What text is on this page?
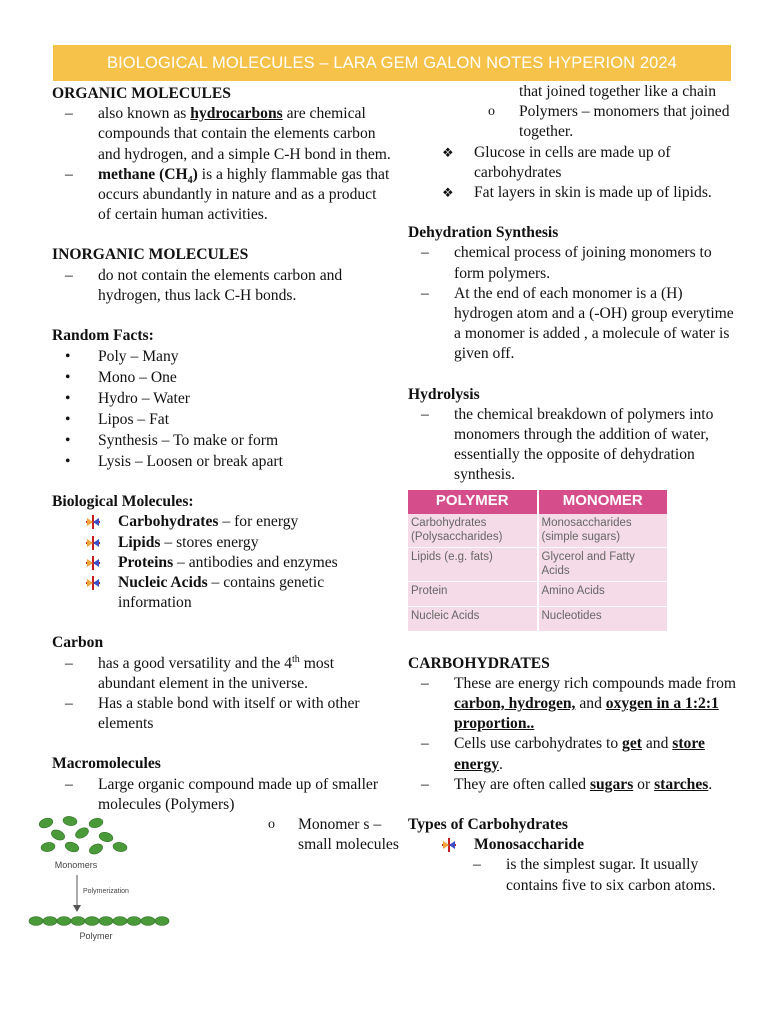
BIOLOGICAL MOLECULES – LARA GEM GALON NOTES HYPERION 2024
ORGANIC MOLECULES
– also known as hydrocarbons are chemical compounds that contain the elements carbon and hydrogen, and a simple C-H bond in them.
– methane $(CH_4)$ is a highly flammable gas that occurs abundantly in nature and as a product of certain human activities.
INORGANIC MOLECULES
– do not contain the elements carbon and hydrogen, thus lack C-H bonds.
Random Facts:
• Poly – Many
• Mono – One
• Hydro – Water
• Lipos – Fat
• Synthesis – To make or form
• Lysis – Loosen or break apart
Biological Molecules:
Carbohydrates – for energy
Lipids – stores energy
Proteins – antibodies and enzymes
Nucleic Acids – contains genetic information
Carbon
– has a good versatility and the 4th most abundant element in the universe.
– Has a stable bond with itself or with other elements
Macromolecules
– Large organic compound made up of smaller molecules (Polymers)
o Monomer s – small molecules
Monomers
Polymerization
Polymer
that joined together like a chain
o Polymers – monomers that joined together.
❖ Glucose in cells are made up of carbohydrates
❖ Fat layers in skin is made up of lipids.
Dehydration Synthesis
– chemical process of joining monomers to form polymers.
– At the end of each monomer is a (H) hydrogen atom and a (-OH) group everytime a monomer is added , a molecule of water is given off.
Hydrolysis
– the chemical breakdown of polymers into monomers through the addition of water, essentially the opposite of dehydration synthesis.
POLYMER	MONOMER
Carbohydrates (Polysaccharides)	Monosaccharides (simple sugars)
Lipids (e.g. fats)	Glycerol and Fatty Acids
Protein	Amino Acids
Nucleic Acids	Nucleotides
CARBOHYDRATES
– These are energy rich compounds made from carbon, hydrogen, and oxygen in a 1:2:1 proportion..
– Cells use carbohydrates to get and store energy.
– They are often called sugars or starches.
Types of Carbohydrates
Monosaccharide
– is the simplest sugar. It usually contains five to six carbon atoms.
